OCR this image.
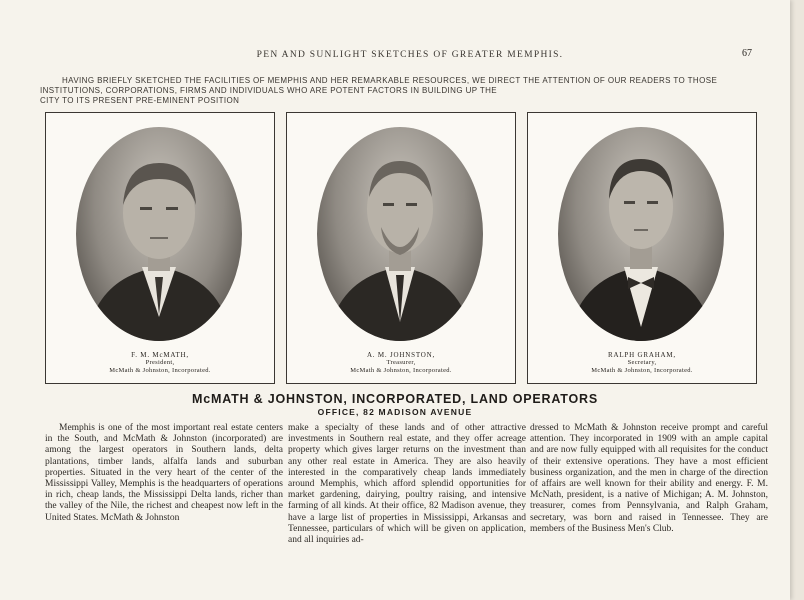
PEN AND SUNLIGHT SKETCHES OF GREATER MEMPHIS.	67
HAVING BRIEFLY SKETCHED THE FACILITIES OF MEMPHIS AND HER REMARKABLE RESOURCES, WE DIRECT THE ATTENTION OF OUR READERS TO THOSE
INSTITUTIONS, CORPORATIONS, FIRMS AND INDIVIDUALS WHO ARE POTENT FACTORS IN BUILDING UP THE
CITY TO ITS PRESENT PRE-EMINENT POSITION
F. M. McMATH,
President,
McMath & Johnston, Incorporated.
A. M. JOHNSTON,
Treasurer,
McMath & Johnston, Incorporated.
RALPH GRAHAM,
Secretary,
McMath & Johnston, Incorporated.
McMATH & JOHNSTON, INCORPORATED, LAND OPERATORS
OFFICE, 82 MADISON AVENUE
Memphis is one of the most important real estate centers in the South, and McMath & Johnston (incorporated) are among the largest operators in Southern lands, delta plantations, timber lands, alfalfa lands and suburban properties. Situated in the very heart of the center of the Mississippi Valley, Memphis is the headquarters of operations in rich, cheap lands, the Mississippi Delta lands, richer than the valley of the Nile, the richest and cheapest now left in the United States. McMath & Johnston
make a specialty of these lands and of other attractive investments in Southern real estate, and they offer acreage property which gives larger returns on the investment than any other real estate in America. They are also heavily interested in the comparatively cheap lands immediately around Memphis, which afford splendid opportunities for market gardening, dairying, poultry raising, and intensive farming of all kinds. At their office, 82 Madison avenue, they have a large list of properties in Mississippi, Arkansas and Tennessee, particulars of which will be given on application, and all inquiries ad-
dressed to McMath & Johnston receive prompt and careful attention. They incorporated in 1909 with an ample capital and are now fully equipped with all requisites for the conduct of their extensive operations. They have a most efficient business organization, and the men in charge of the direction of affairs are well known for their ability and energy. F. M. McNath, president, is a native of Michigan; A. M. Johnston, treasurer, comes from Pennsylvania, and Ralph Graham, secretary, was born and raised in Tennessee. They are members of the Business Men's Club.
